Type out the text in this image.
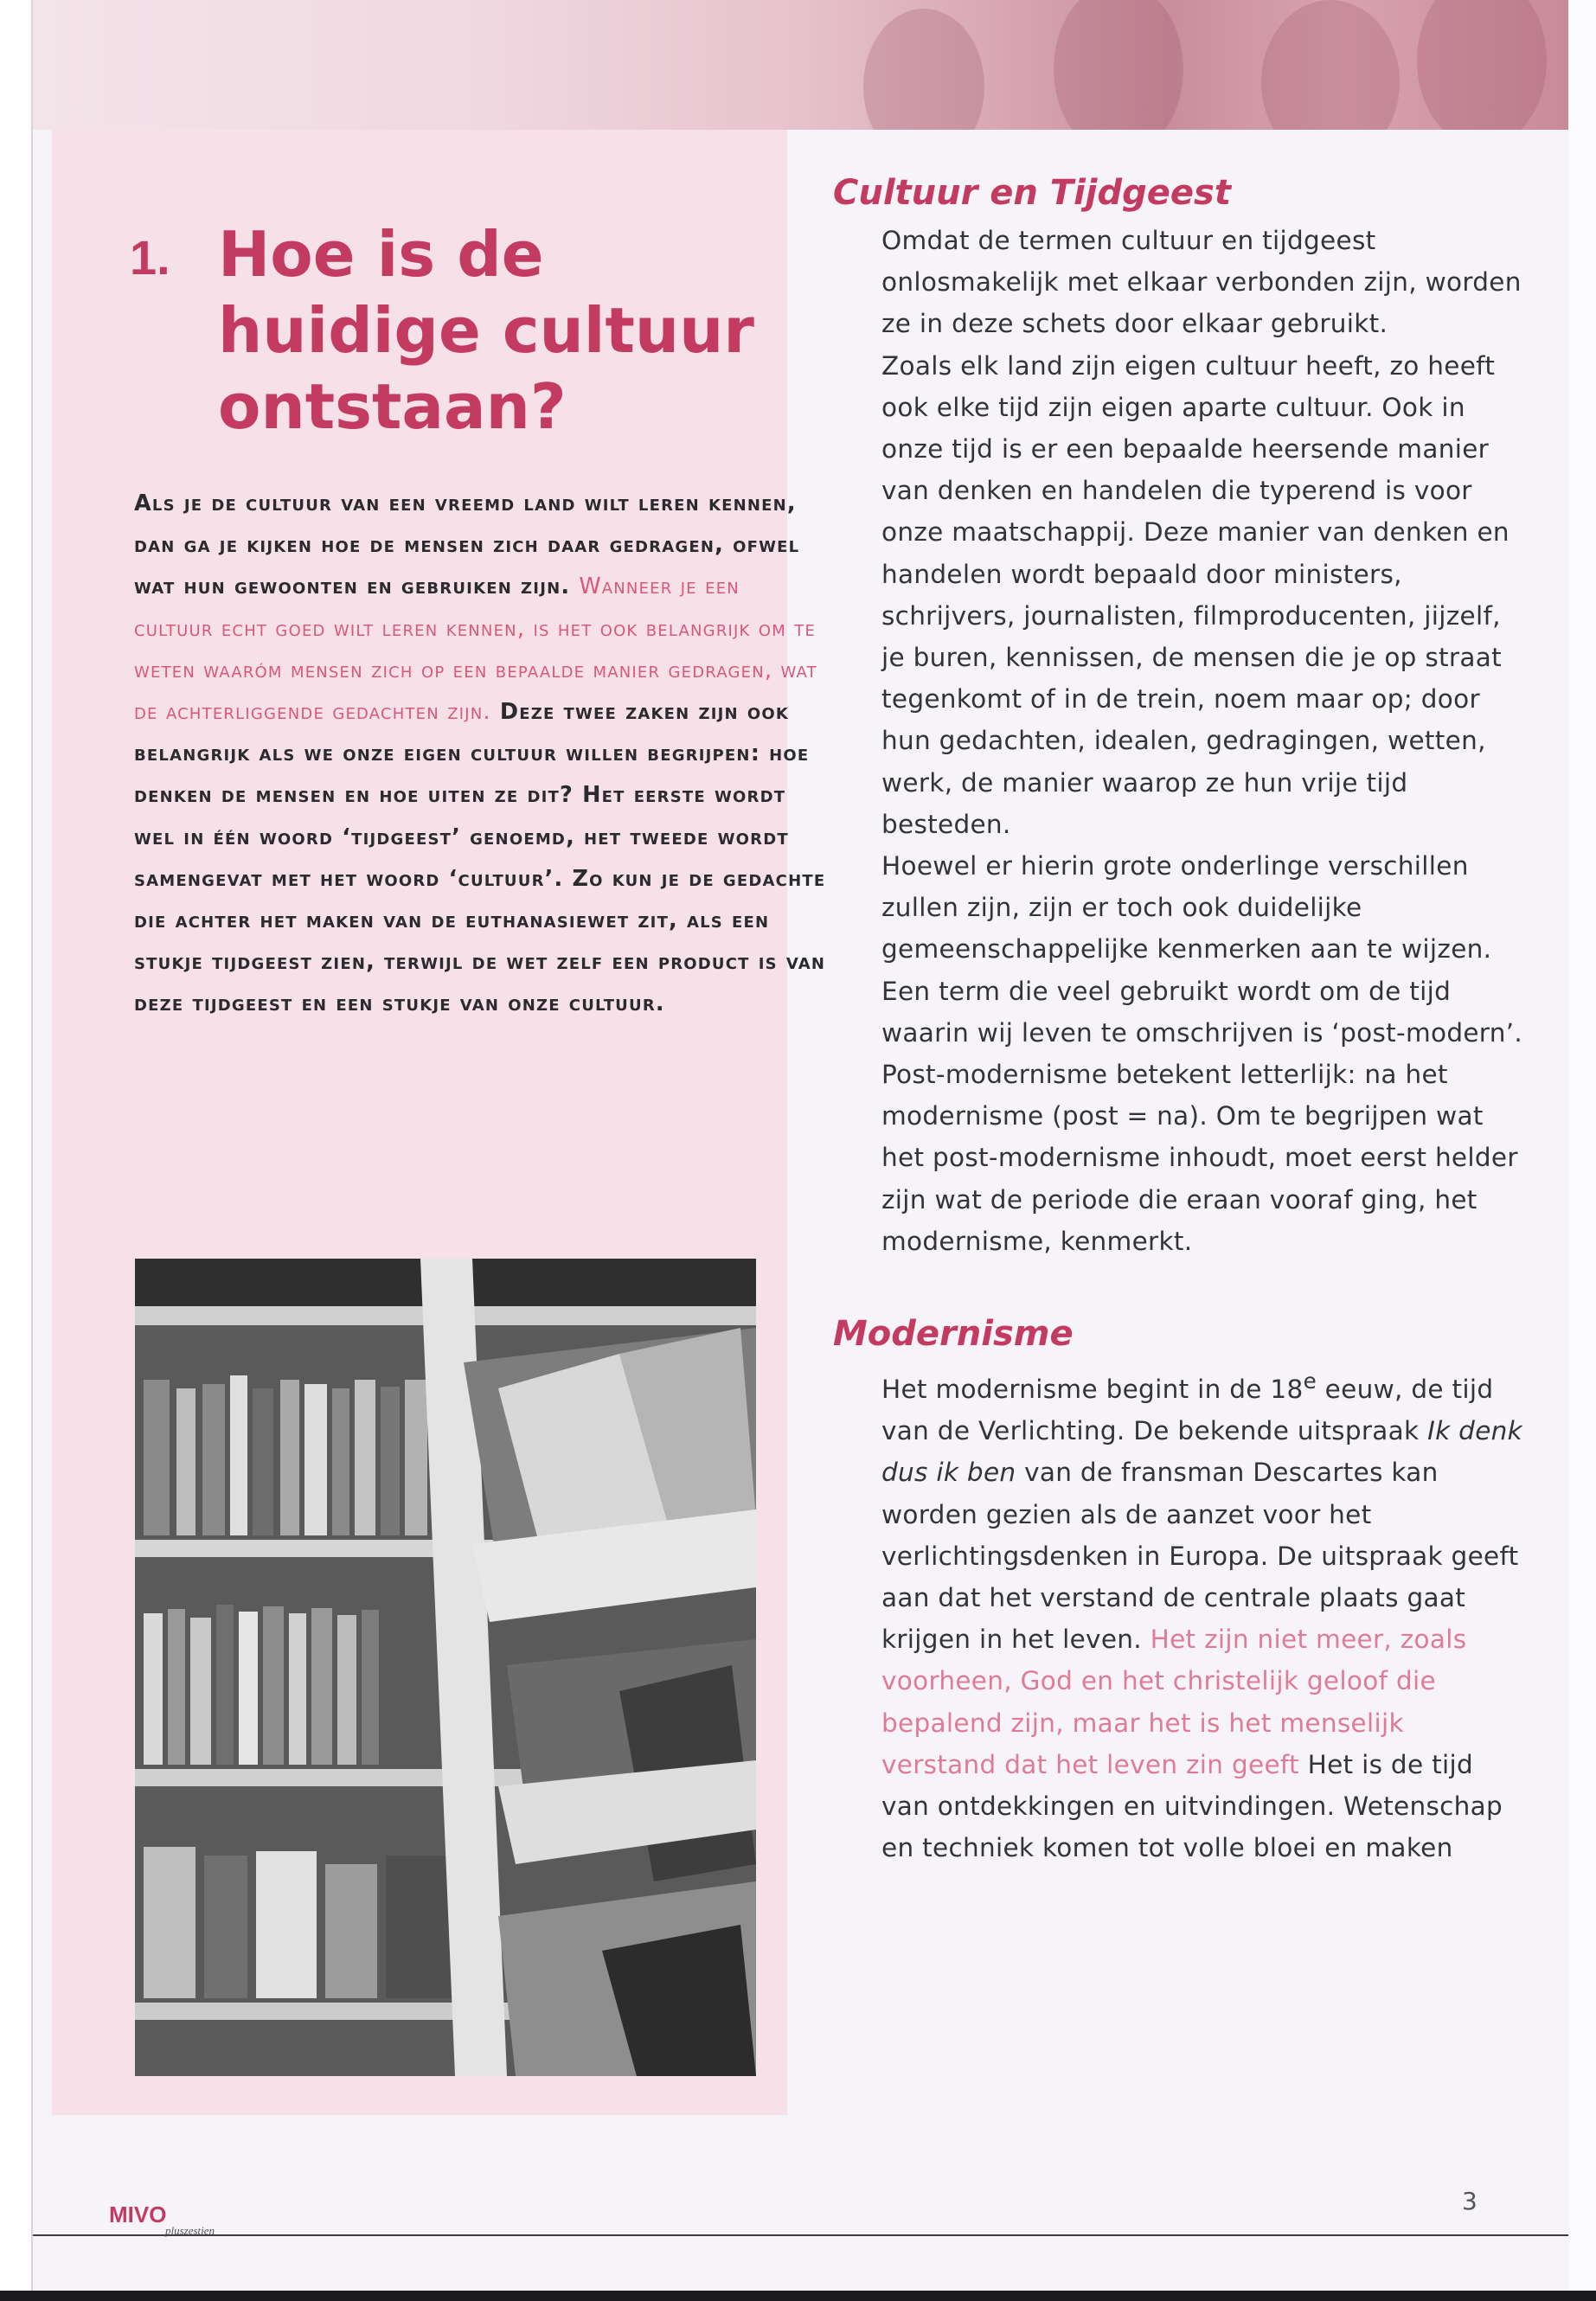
1. Hoe is de huidige cultuur ontstaan?
Als je de cultuur van een vreemd land wilt leren kennen, dan ga je kijken hoe de mensen zich daar gedragen, ofwel wat hun gewoonten en gebruiken zijn. Wanneer je een cultuur echt goed wilt leren kennen, is het ook belangrijk om te weten waaróm mensen zich op een bepaalde manier gedragen, wat de achterliggende gedachten zijn. Deze twee zaken zijn ook belangrijk als we onze eigen cultuur willen begrijpen: hoe denken de mensen en hoe uiten ze dit? Het eerste wordt wel in één woord ‘tijdgeest’ genoemd, het tweede wordt samengevat met het woord ‘cultuur’. Zo kun je de gedachte die achter het maken van de euthanasiewet zit, als een stukje tijdgeest zien, terwijl de wet zelf een product is van deze tijdgeest en een stukje van onze cultuur.
Cultuur en Tijdgeest

Omdat de termen cultuur en tijdgeest onlosmakelijk met elkaar verbonden zijn, worden ze in deze schets door elkaar gebruikt.

Zoals elk land zijn eigen cultuur heeft, zo heeft ook elke tijd zijn eigen aparte cultuur. Ook in onze tijd is er een bepaalde heersende manier van denken en handelen die typerend is voor onze maatschappij. Deze manier van denken en handelen wordt bepaald door ministers, schrijvers, journalisten, filmproducenten, jijzelf, je buren, kennissen, de mensen die je op straat tegenkomt of in de trein, noem maar op; door hun gedachten, idealen, gedragingen, wetten, werk, de manier waarop ze hun vrije tijd besteden.

Hoewel er hierin grote onderlinge verschillen zullen zijn, zijn er toch ook duidelijke gemeenschappelijke kenmerken aan te wijzen.

Een term die veel gebruikt wordt om de tijd waarin wij leven te omschrijven is ‘post-modern’. Post-modernisme betekent letterlijk: na het modernisme (post = na). Om te begrijpen wat het post-modernisme inhoudt, moet eerst helder zijn wat de periode die eraan vooraf ging, het modernisme, kenmerkt.

Modernisme

Het modernisme begint in de 18e eeuw, de tijd van de Verlichting. De bekende uitspraak Ik denk dus ik ben van de fransman Descartes kan worden gezien als de aanzet voor het verlichtingsdenken in Europa. De uitspraak geeft aan dat het verstand de centrale plaats gaat krijgen in het leven. Het zijn niet meer, zoals voorheen, God en het christelijk geloof die bepalend zijn, maar het is het menselijk verstand dat het leven zin geeft Het is de tijd van ontdekkingen en uitvindingen. Wetenschap en techniek komen tot volle bloei en maken

MIVO
pluszestien
3
